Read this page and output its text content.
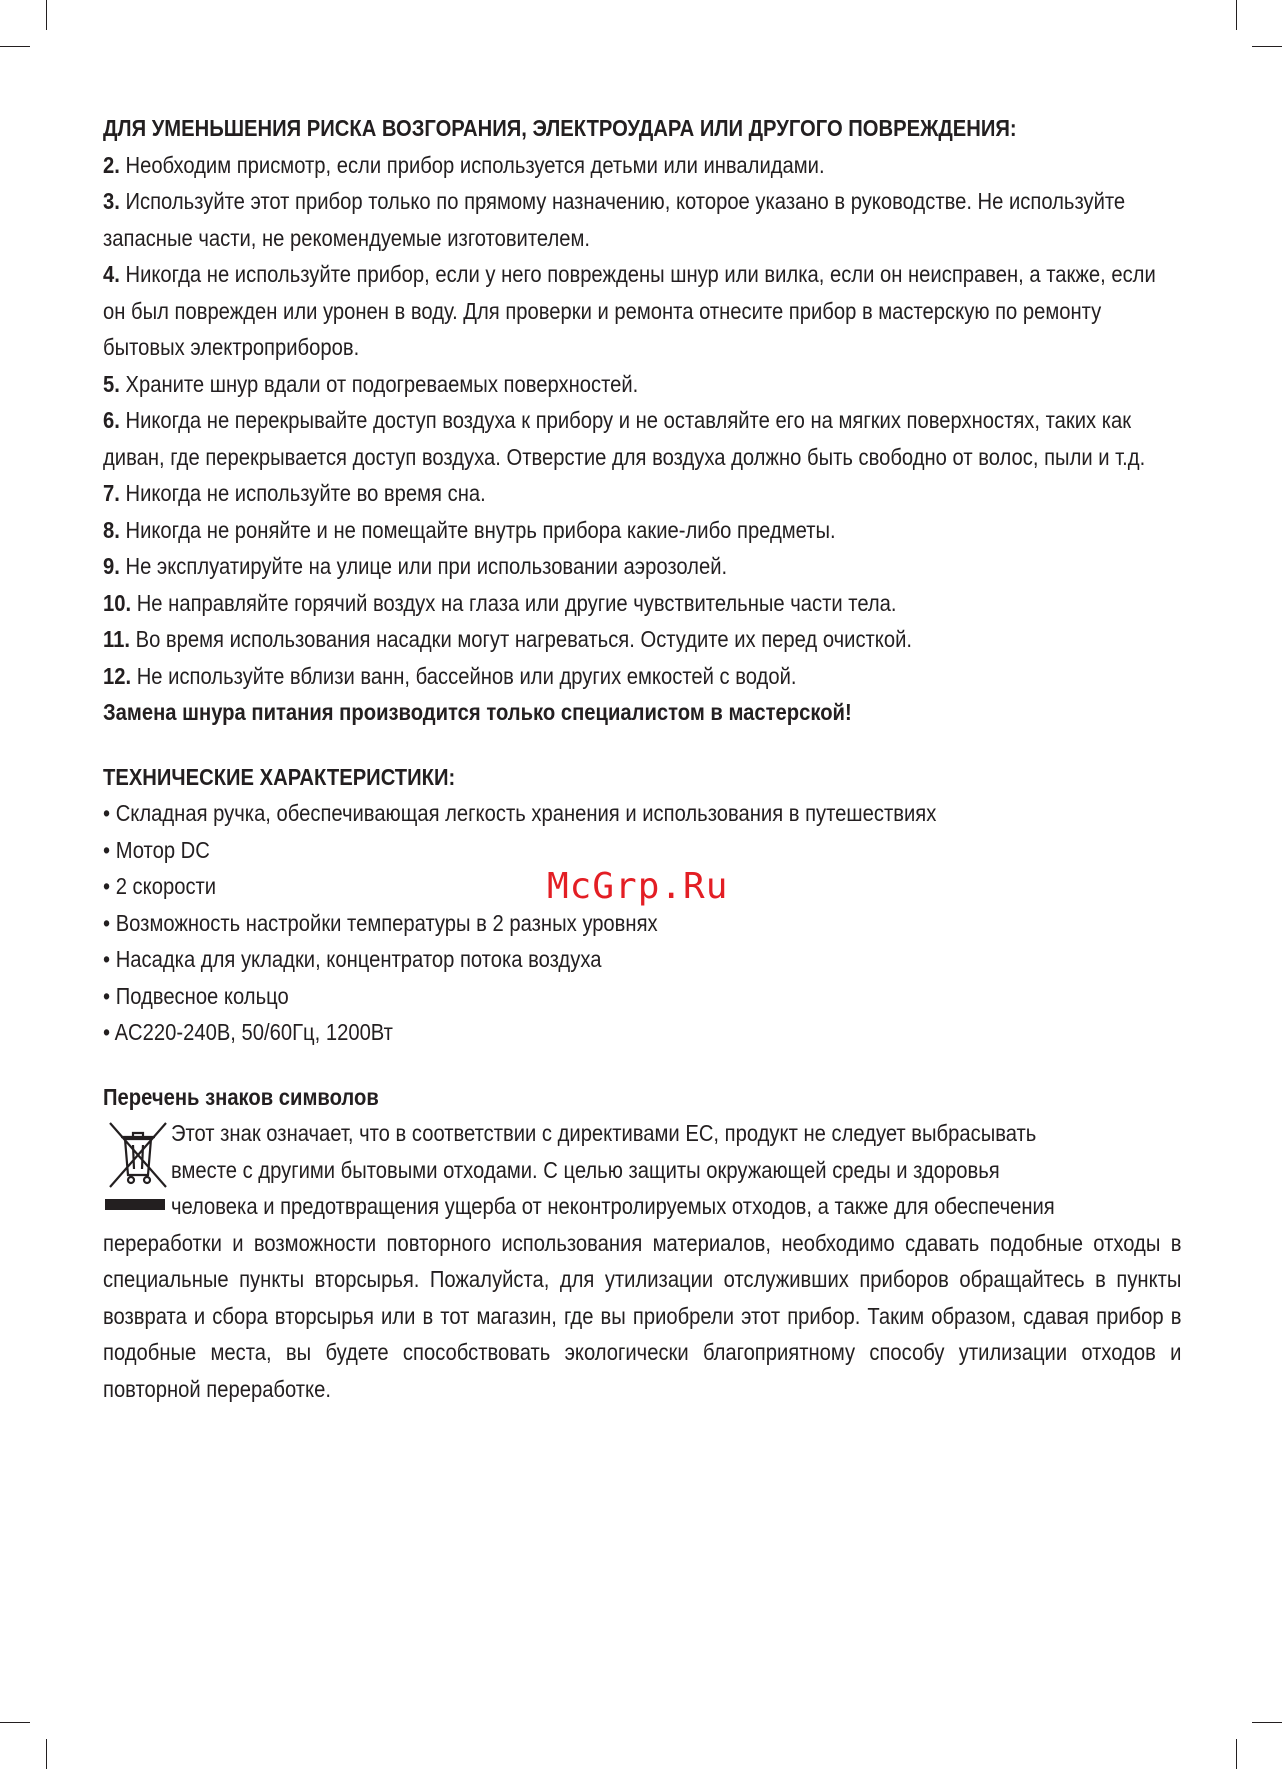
McGrp.Ru

ДЛЯ УМЕНЬШЕНИЯ РИСКА ВОЗГОРАНИЯ, ЭЛЕКТРОУДАРА ИЛИ ДРУГОГО ПОВРЕЖДЕНИЯ:

2. Необходим присмотр, если прибор используется детьми или инвалидами.

3. Используйте этот прибор только по прямому назначению, которое указано в руководстве. Не используйте запасные части, не рекомендуемые изготовителем.

4. Никогда не используйте прибор, если у него повреждены шнур или вилка, если он неисправен, а также, если он был поврежден или уронен в воду. Для проверки и ремонта отнесите прибор в мастерскую по ремонту бытовых электроприборов.

5. Храните шнур вдали от подогреваемых поверхностей.

6. Никогда не перекрывайте доступ воздуха к прибору и не оставляйте его на мягких поверхностях, таких как диван, где перекрывается доступ воздуха. Отверстие для воздуха должно быть свободно от волос, пыли и т.д.

7. Никогда не используйте во время сна.

8. Никогда не роняйте и не помещайте внутрь прибора какие-либо предметы.

9. Не эксплуатируйте на улице или при использовании аэрозолей.

10. Не направляйте горячий воздух на глаза или другие чувствительные части тела.

11. Во время использования насадки могут нагреваться. Остудите их перед очисткой.

12. Не используйте вблизи ванн, бассейнов или других емкостей с водой.

Замена шнура питания производится только специалистом в мастерской!

ТЕХНИЧЕСКИЕ ХАРАКТЕРИСТИКИ:

• Складная ручка, обеспечивающая легкость хранения и использования в путешествиях

• Мотор DC

• 2 скорости

• Возможность настройки температуры в 2 разных уровнях

• Насадка для укладки, концентратор потока воздуха

• Подвесное кольцо

• AC220-240В, 50/60Гц, 1200Вт

Перечень знаков символов

Этот знак означает, что в соответствии с директивами ЕС, продукт не следует выбрасывать

вместе с другими бытовыми отходами. С целью защиты окружающей среды и здоровья

человека и предотвращения ущерба от неконтролируемых отходов, а также для обеспечения

переработки и возможности повторного использования материалов, необходимо сдавать подобные отходы в специальные пункты вторсырья. Пожалуйста, для утилизации отслуживших приборов обращайтесь в пункты возврата и сбора вторсырья или в тот магазин, где вы приобрели этот прибор. Таким образом, сдавая прибор в подобные места, вы будете способствовать экологически благоприятному способу утилизации отходов и повторной переработке.
